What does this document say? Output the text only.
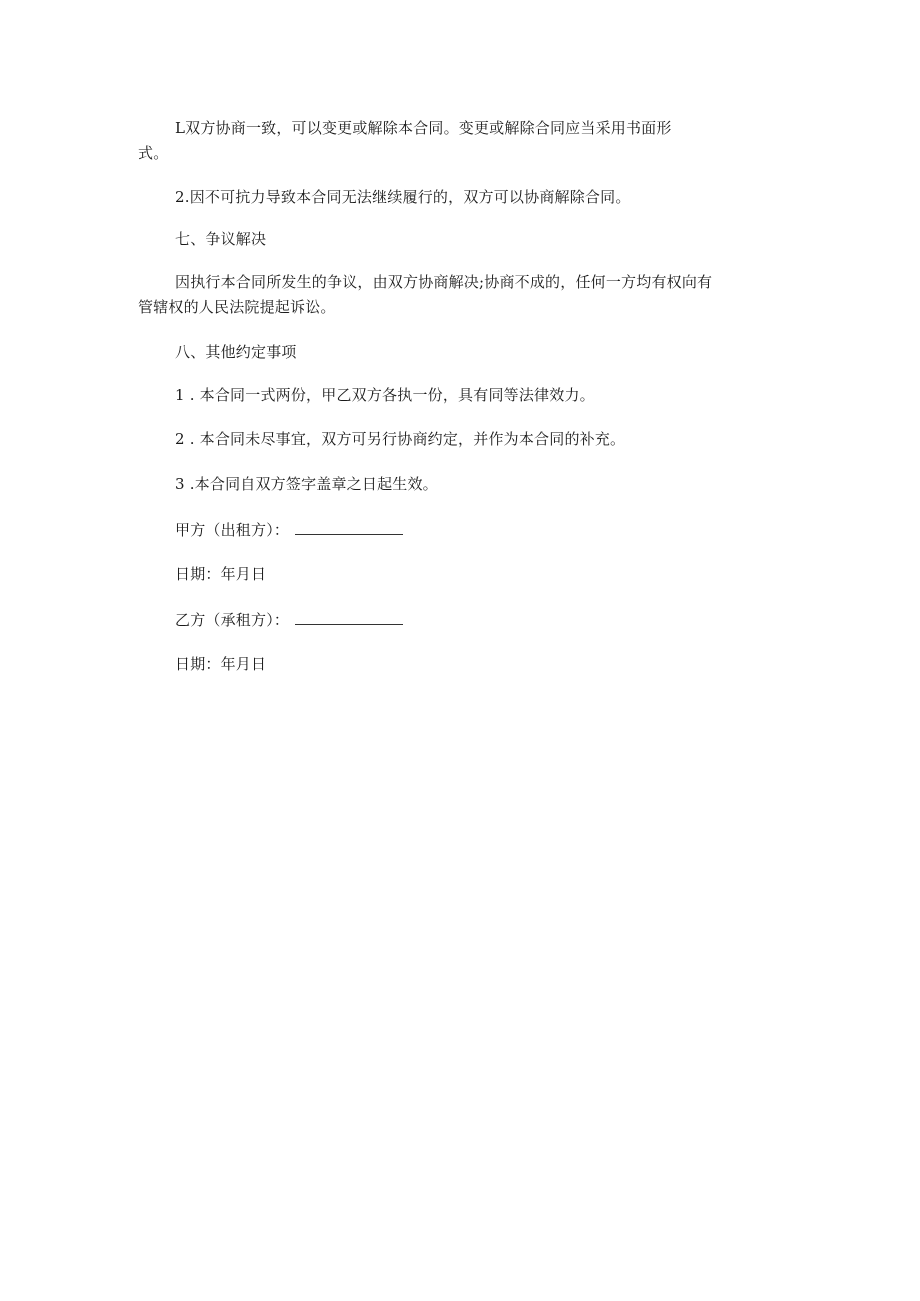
L双方协商一致，可以变更或解除本合同。变更或解除合同应当采用书面形
式。
2.因不可抗力导致本合同无法继续履行的，双方可以协商解除合同。
七、争议解决
因执行本合同所发生的争议，由双方协商解决;协商不成的，任何一方均有权向有
管辖权的人民法院提起诉讼。
八、其他约定事项
1 . 本合同一式两份，甲乙双方各执一份，具有同等法律效力。
2 . 本合同未尽事宜，双方可另行协商约定，并作为本合同的补充。
3 .本合同自双方签字盖章之日起生效。
甲方（出租方）：
日期：年月日
乙方（承租方）：
日期：年月日
